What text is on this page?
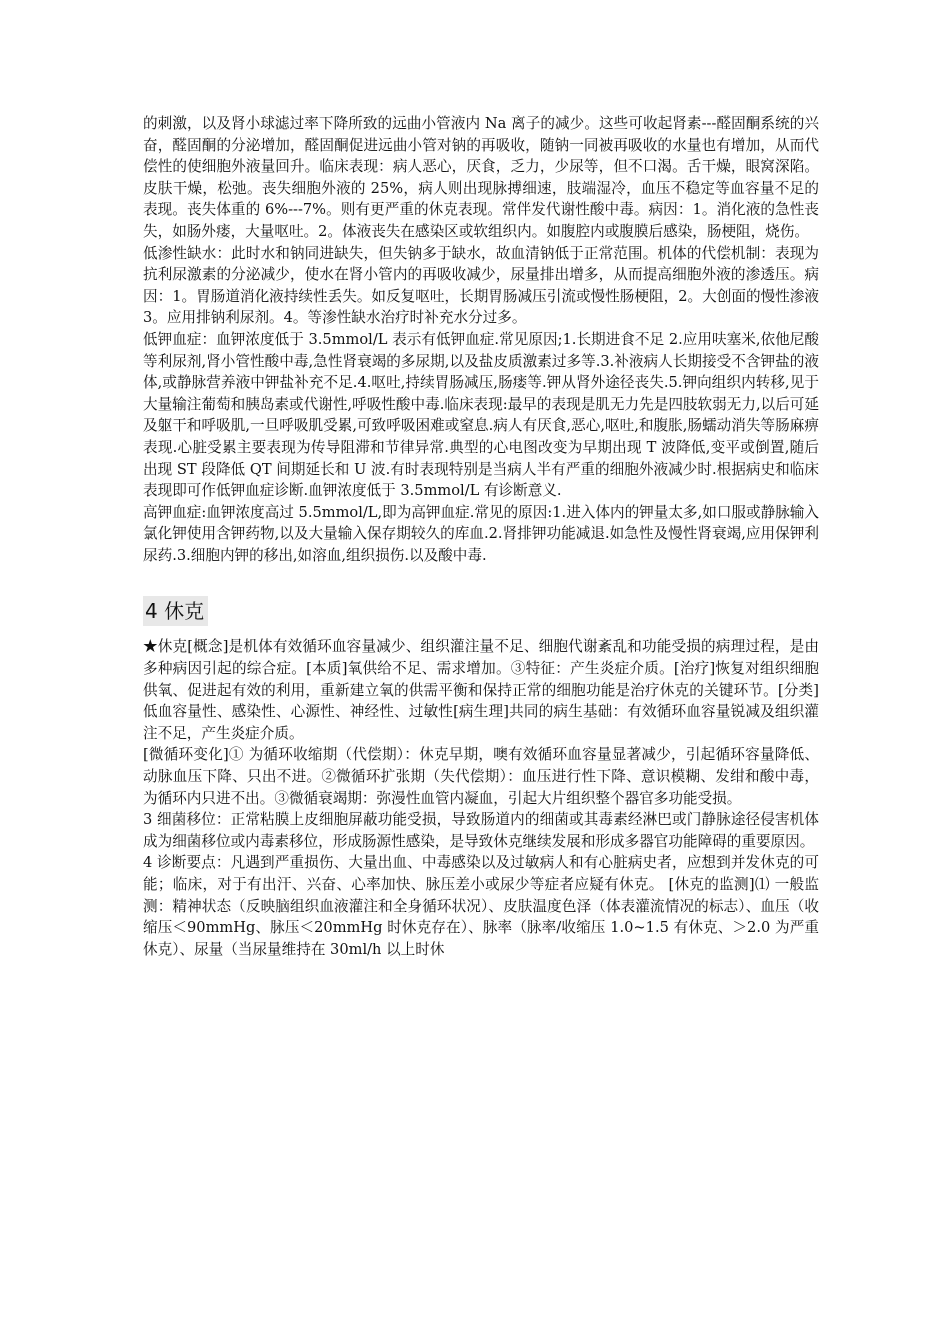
的刺激，以及肾小球滤过率下降所致的远曲小管液内 Na 离子的减少。这些可收起肾素---醛固酮系统的兴奋，醛固酮的分泌增加，醛固酮促进远曲小管对钠的再吸收，随钠一同被再吸收的水量也有增加，从而代偿性的使细胞外液量回升。临床表现：病人恶心，厌食，乏力，少尿等，但不口渴。舌干燥，眼窝深陷。皮肤干燥，松弛。丧失细胞外液的 25%，病人则出现脉搏细速，肢端湿冷，血压不稳定等血容量不足的表现。丧失体重的 6%---7%。则有更严重的休克表现。常伴发代谢性酸中毒。病因：1。消化液的急性丧失，如肠外瘘，大量呕吐。2。体液丧失在感染区或软组织内。如腹腔内或腹膜后感染，肠梗阻，烧伤。

低渗性缺水：此时水和钠同进缺失，但失钠多于缺水，故血清钠低于正常范围。机体的代偿机制：表现为抗利尿激素的分泌减少，使水在肾小管内的再吸收减少，尿量排出增多，从而提高细胞外液的渗透压。病因：1。胃肠道消化液持续性丢失。如反复呕吐，长期胃肠减压引流或慢性肠梗阻，2。大创面的慢性渗液 3。应用排钠利尿剂。4。等渗性缺水治疗时补充水分过多。

低钾血症：血钾浓度低于 3.5mmol/L 表示有低钾血症.常见原因;1.长期进食不足 2.应用呋塞米,依他尼酸等利尿剂,肾小管性酸中毒,急性肾衰竭的多尿期,以及盐皮质激素过多等.3.补液病人长期接受不含钾盐的液体,或静脉营养液中钾盐补充不足.4.呕吐,持续胃肠减压,肠瘘等.钾从肾外途径丧失.5.钾向组织内转移,见于大量输注葡萄和胰岛素或代谢性,呼吸性酸中毒.临床表现:最早的表现是肌无力先是四肢软弱无力,以后可延及躯干和呼吸肌,一旦呼吸肌受累,可致呼吸困难或窒息.病人有厌食,恶心,呕吐,和腹胀,肠蠕动消失等肠麻痹表现.心脏受累主要表现为传导阻滞和节律异常.典型的心电图改变为早期出现 T 波降低,变平或倒置,随后出现 ST 段降低 QT 间期延长和 U 波.有时表现特别是当病人半有严重的细胞外液减少时.根据病史和临床表现即可作低钾血症诊断.血钾浓度低于 3.5mmol/L 有诊断意义.

高钾血症:血钾浓度高过 5.5mmol/L,即为高钾血症.常见的原因:1.进入体内的钾量太多,如口服或静脉输入氯化钾使用含钾药物,以及大量输入保存期较久的库血.2.肾排钾功能减退.如急性及慢性肾衰竭,应用保钾利尿药.3.细胞内钾的移出,如溶血,组织损伤.以及酸中毒.

4 休克

★休克[概念]是机体有效循环血容量减少、组织灌注量不足、细胞代谢紊乱和功能受损的病理过程，是由多种病因引起的综合症。[本质]氧供给不足、需求增加。③特征：产生炎症介质。[治疗]恢复对组织细胞供氧、促进起有效的利用，重新建立氧的供需平衡和保持正常的细胞功能是治疗休克的关键环节。[分类]低血容量性、感染性、心源性、神经性、过敏性[病生理]共同的病生基础：有效循环血容量锐减及组织灌注不足，产生炎症介质。

[微循环变化]① 为循环收缩期（代偿期）：休克早期，噢有效循环血容量显著减少，引起循环容量降低、动脉血压下降、只出不进。②微循环扩张期（失代偿期）：血压进行性下降、意识模糊、发绀和酸中毒，为循环内只进不出。③微循衰竭期：弥漫性血管内凝血，引起大片组织整个器官多功能受损。

3 细菌移位：正常粘膜上皮细胞屏蔽功能受损，导致肠道内的细菌或其毒素经淋巴或门静脉途径侵害机体成为细菌移位或内毒素移位，形成肠源性感染，是导致休克继续发展和形成多器官功能障碍的重要原因。

4 诊断要点：凡遇到严重损伤、大量出血、中毒感染以及过敏病人和有心脏病史者，应想到并发休克的可能；临床，对于有出汗、兴奋、心率加快、脉压差小或尿少等症者应疑有休克。 [休克的监测]⑴ 一般监测：精神状态（反映脑组织血液灌注和全身循环状况）、皮肤温度色泽（体表灌流情况的标志）、血压（收缩压＜90mmHg、脉压＜20mmHg 时休克存在）、脉率（脉率/收缩压 1.0~1.5 有休克、＞2.0 为严重休克）、尿量（当尿量维持在 30ml/h 以上时休
